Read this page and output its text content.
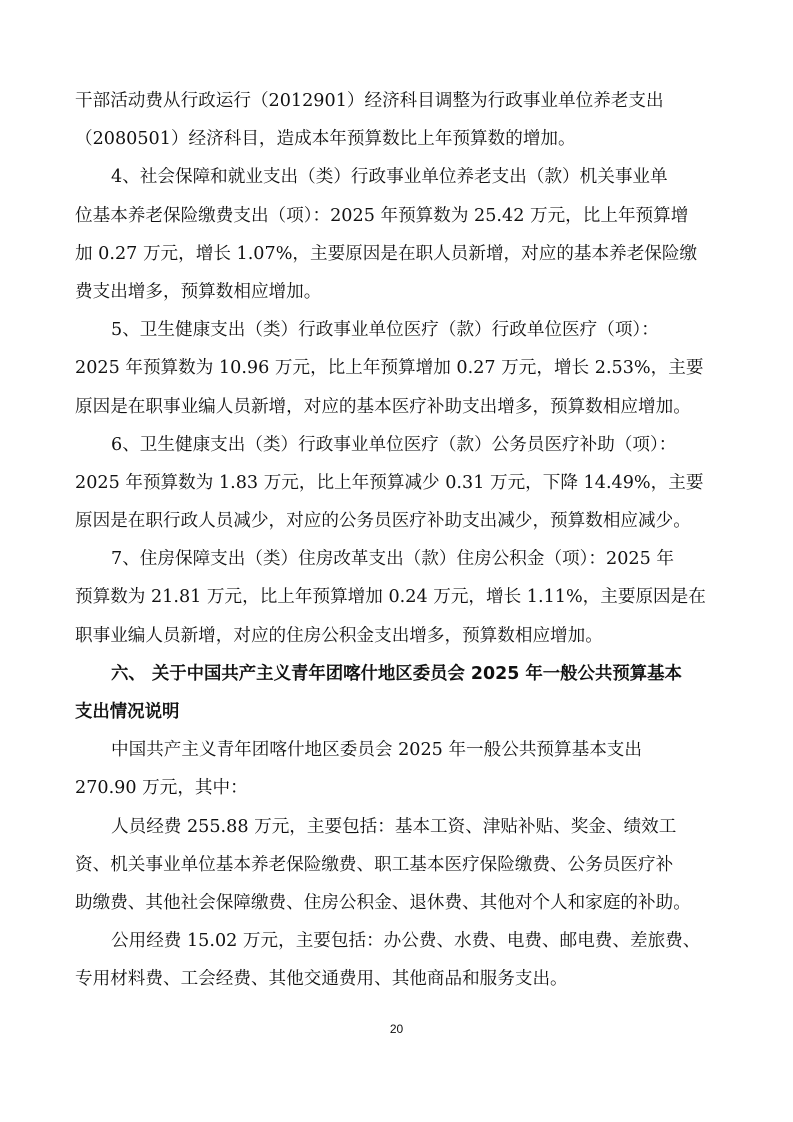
干部活动费从行政运行（2012901）经济科目调整为行政事业单位养老支出
（2080501）经济科目，造成本年预算数比上年预算数的增加。
4、社会保障和就业支出（类）行政事业单位养老支出（款）机关事业单
位基本养老保险缴费支出（项）：2025 年预算数为 25.42 万元，比上年预算增
加 0.27 万元，增长 1.07%，主要原因是在职人员新增，对应的基本养老保险缴
费支出增多，预算数相应增加。
5、卫生健康支出（类）行政事业单位医疗（款）行政单位医疗（项）：
2025 年预算数为 10.96 万元，比上年预算增加 0.27 万元，增长 2.53%，主要
原因是在职事业编人员新增，对应的基本医疗补助支出增多，预算数相应增加。
6、卫生健康支出（类）行政事业单位医疗（款）公务员医疗补助（项）：
2025 年预算数为 1.83 万元，比上年预算减少 0.31 万元，下降 14.49%，主要
原因是在职行政人员减少，对应的公务员医疗补助支出减少，预算数相应减少。
7、住房保障支出（类）住房改革支出（款）住房公积金（项）：2025 年
预算数为 21.81 万元，比上年预算增加 0.24 万元，增长 1.11%，主要原因是在
职事业编人员新增，对应的住房公积金支出增多，预算数相应增加。
六、 关于中国共产主义青年团喀什地区委员会 2025 年一般公共预算基本
支出情况说明
中国共产主义青年团喀什地区委员会 2025 年一般公共预算基本支出
270.90 万元，其中：
人员经费 255.88 万元，主要包括：基本工资、津贴补贴、奖金、绩效工
资、机关事业单位基本养老保险缴费、职工基本医疗保险缴费、公务员医疗补
助缴费、其他社会保障缴费、住房公积金、退休费、其他对个人和家庭的补助。
公用经费 15.02 万元，主要包括：办公费、水费、电费、邮电费、差旅费、
专用材料费、工会经费、其他交通费用、其他商品和服务支出。
20
